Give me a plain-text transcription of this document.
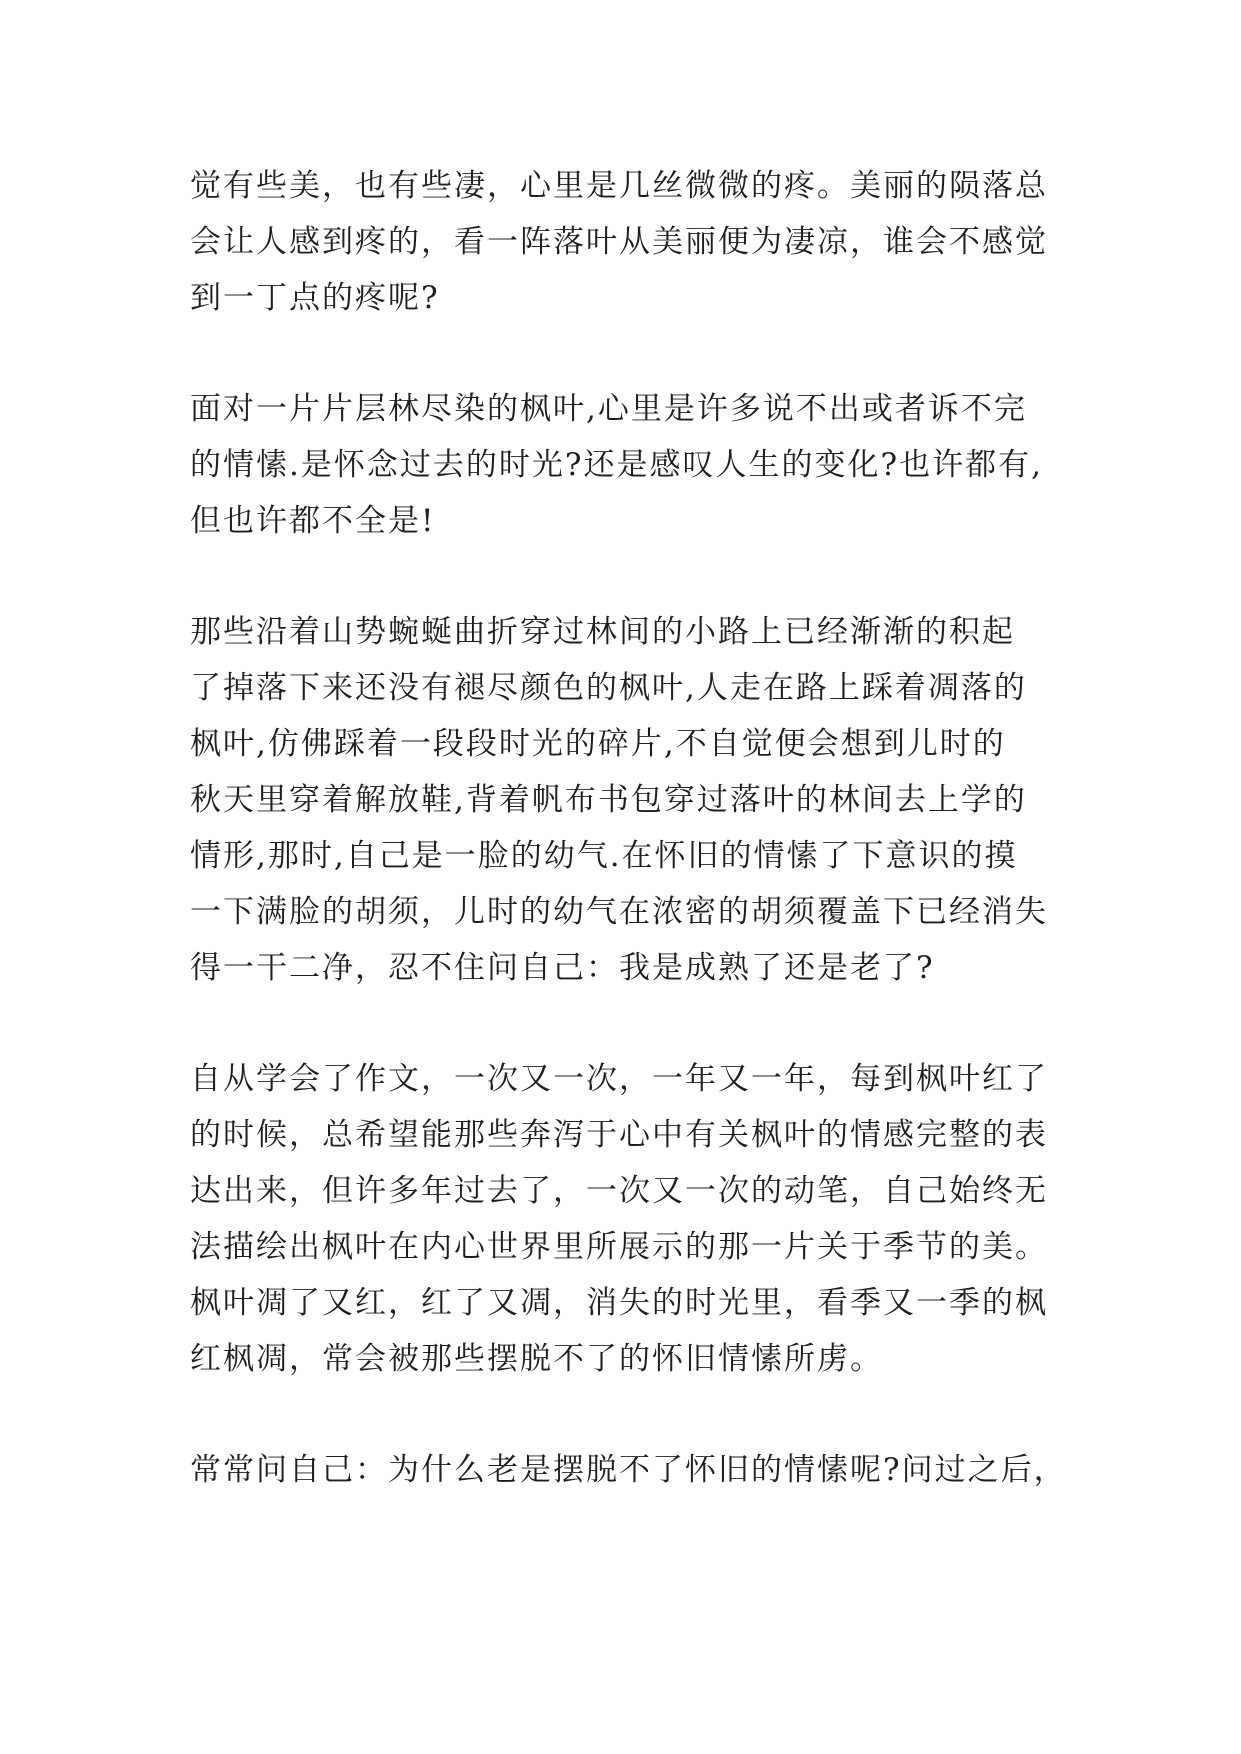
觉有些美，也有些凄，心里是几丝微微的疼。美丽的陨落总
会让人感到疼的，看一阵落叶从美丽便为凄凉，谁会不感觉
到一丁点的疼呢?
面对一片片层林尽染的枫叶,心里是许多说不出或者诉不完
的情愫.是怀念过去的时光?还是感叹人生的变化?也许都有,
但也许都不全是!
那些沿着山势蜿蜒曲折穿过林间的小路上已经渐渐的积起
了掉落下来还没有褪尽颜色的枫叶,人走在路上踩着凋落的
枫叶,仿佛踩着一段段时光的碎片,不自觉便会想到儿时的
秋天里穿着解放鞋,背着帆布书包穿过落叶的林间去上学的
情形,那时,自己是一脸的幼气.在怀旧的情愫了下意识的摸
一下满脸的胡须，儿时的幼气在浓密的胡须覆盖下已经消失
得一干二净，忍不住问自己：我是成熟了还是老了?
自从学会了作文，一次又一次，一年又一年，每到枫叶红了
的时候，总希望能那些奔泻于心中有关枫叶的情感完整的表
达出来，但许多年过去了，一次又一次的动笔，自己始终无
法描绘出枫叶在内心世界里所展示的那一片关于季节的美。
枫叶凋了又红，红了又凋，消失的时光里，看季又一季的枫
红枫凋，常会被那些摆脱不了的怀旧情愫所虏。
常常问自己：为什么老是摆脱不了怀旧的情愫呢?问过之后，
